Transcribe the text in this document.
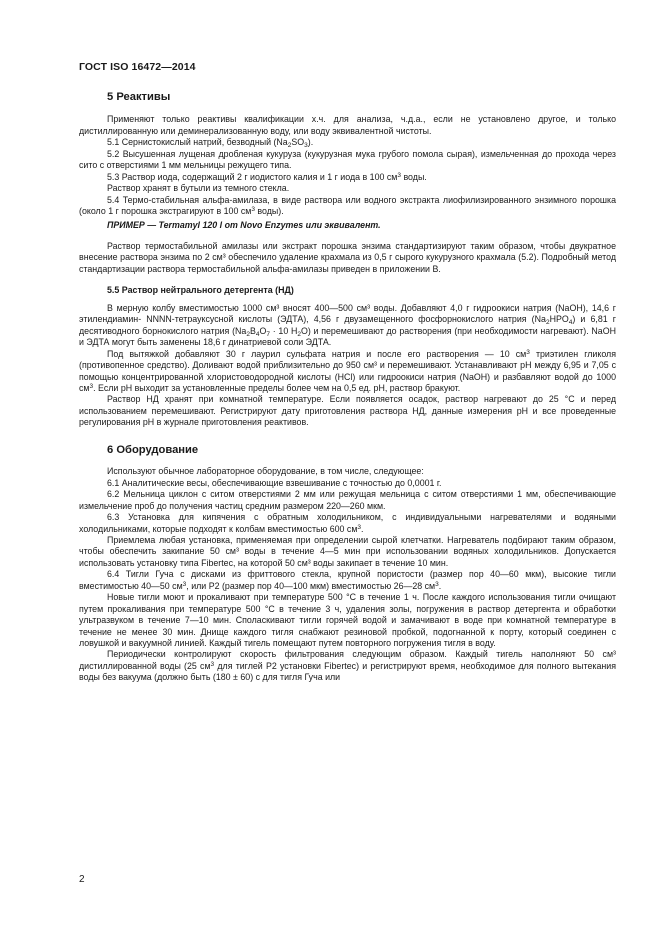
ГОСТ ISO 16472—2014
5 Реактивы

Применяют только реактивы квалификации х.ч. для анализа, ч.д.а., если не установлено другое, и только дистиллированную или деминерализованную воду, или воду эквивалентной чистоты.

5.1 Сернистокислый натрий, безводный $(Na_2SO_3)$.

5.2 Высушенная лущеная дробленая кукуруза (кукурузная мука грубого помола сырая), измельченная до прохода через сито с отверстиями 1 мм мельницы режущего типа.

5.3 Раствор иода, содержащий 2 г иодистого калия и 1 г иода в 100 $см^3$ воды.

Раствор хранят в бутыли из темного стекла.

5.4 Термо-стабильная альфа-амилаза, в виде раствора или водного экстракта лиофилизированного энзимного порошка (около 1 г порошка экстрагируют в 100 $см^3$ воды).

ПРИМЕР — Termamyl 120 l от Novo Enzymes или эквивалент.

Раствор термостабильной амилазы или экстракт порошка энзима стандартизируют таким образом, чтобы двукратное внесение раствора энзима по 2 см³ обеспечило удаление крахмала из 0,5 г сырого кукурузного крахмала (5.2). Подробный метод стандартизации раствора термостабильной альфа-амилазы приведен в приложении В.

5.5 Раствор нейтрального детергента (НД)

В мерную колбу вместимостью 1000 см³ вносят 400—500 см³ воды. Добавляют 4,0 г гидроокиси натрия (NaOH), 14,6 г этилендиамин- NNNN-тетрауксусной кислоты (ЭДТА), 4,56 г двузамещенного фосфорнокислого натрия $(Na_2HPO_4)$ и 6,81 г десятиводного борнокислого натрия ($Na_2B_4O_7 \cdot 10$ $H_2O$) и перемешивают до растворения (при необходимости нагревают). NaOH и ЭДТА могут быть заменены 18,6 г динатриевой соли ЭДТА.

Под вытяжкой добавляют 30 г лаурил сульфата натрия и после его растворения — 10 $см^3$ триэтилен гликоля (противопенное средство). Доливают водой приблизительно до 950 см³ и перемешивают. Устанавливают pH между 6,95 и 7,05 с помощью концентрированной хлористоводородной кислоты (HCl) или гидроокиси натрия (NaOH) и разбавляют водой до 1000 $см^3$. Если pH выходит за установленные пределы более чем на 0,5 ед. pH, раствор бракуют.

Раствор НД хранят при комнатной температуре. Если появляется осадок, раствор нагревают до 25 °С и перед использованием перемешивают. Регистрируют дату приготовления раствора НД, данные измерения pH и все проведенные регулирования pH в журнале приготовления реактивов.

6 Оборудование

Используют обычное лабораторное оборудование, в том числе, следующее:

6.1 Аналитические весы, обеспечивающие взвешивание с точностью до 0,0001 г.

6.2 Мельница циклон с ситом отверстиями 2 мм или режущая мельница с ситом отверстиями 1 мм, обеспечивающие измельчение проб до получения частиц средним размером 220—260 мкм.

6.3 Установка для кипячения с обратным холодильником, с индивидуальными нагревателями и водяными холодильниками, которые подходят к колбам вместимостью 600 $см^3$.

Приемлема любая установка, применяемая при определении сырой клетчатки. Нагреватель подбирают таким образом, чтобы обеспечить закипание 50 см³ воды в течение 4—5 мин при использовании водяных холодильников. Допускается использовать установку типа Fibertec, на которой 50 см³ воды закипает в течение 10 мин.

6.4 Тигли Гуча с дисками из фриттового стекла, крупной пористости (размер пор 40—60 мкм), высокие тигли вместимостью 40—50 $см^3$, или P2 (размер пор 40—100 мкм) вместимостью 26—28 $см^3$.

Новые тигли моют и прокаливают при температуре 500 °С в течение 1 ч. После каждого использования тигли очищают путем прокаливания при температуре 500 °С в течение 3 ч, удаления золы, погружения в раствор детергента и обработки ультразвуком в течение 7—10 мин. Споласкивают тигли горячей водой и замачивают в воде при комнатной температуре в течение не менее 30 мин. Днище каждого тигля снабжают резиновой пробкой, подогнанной к порту, который соединен с ловушкой и вакуумной линией. Каждый тигель помещают путем повторного погружения тигля в воду.

Периодически контролируют скорость фильтрования следующим образом. Каждый тигель наполняют 50 см³ дистиллированной воды (25 $см^3$ для тиглей P2 установки Fibertec) и регистрируют время, необходимое для полного вытекания воды без вакуума (должно быть (180 ± 60) с для тигля Гуча или

2
